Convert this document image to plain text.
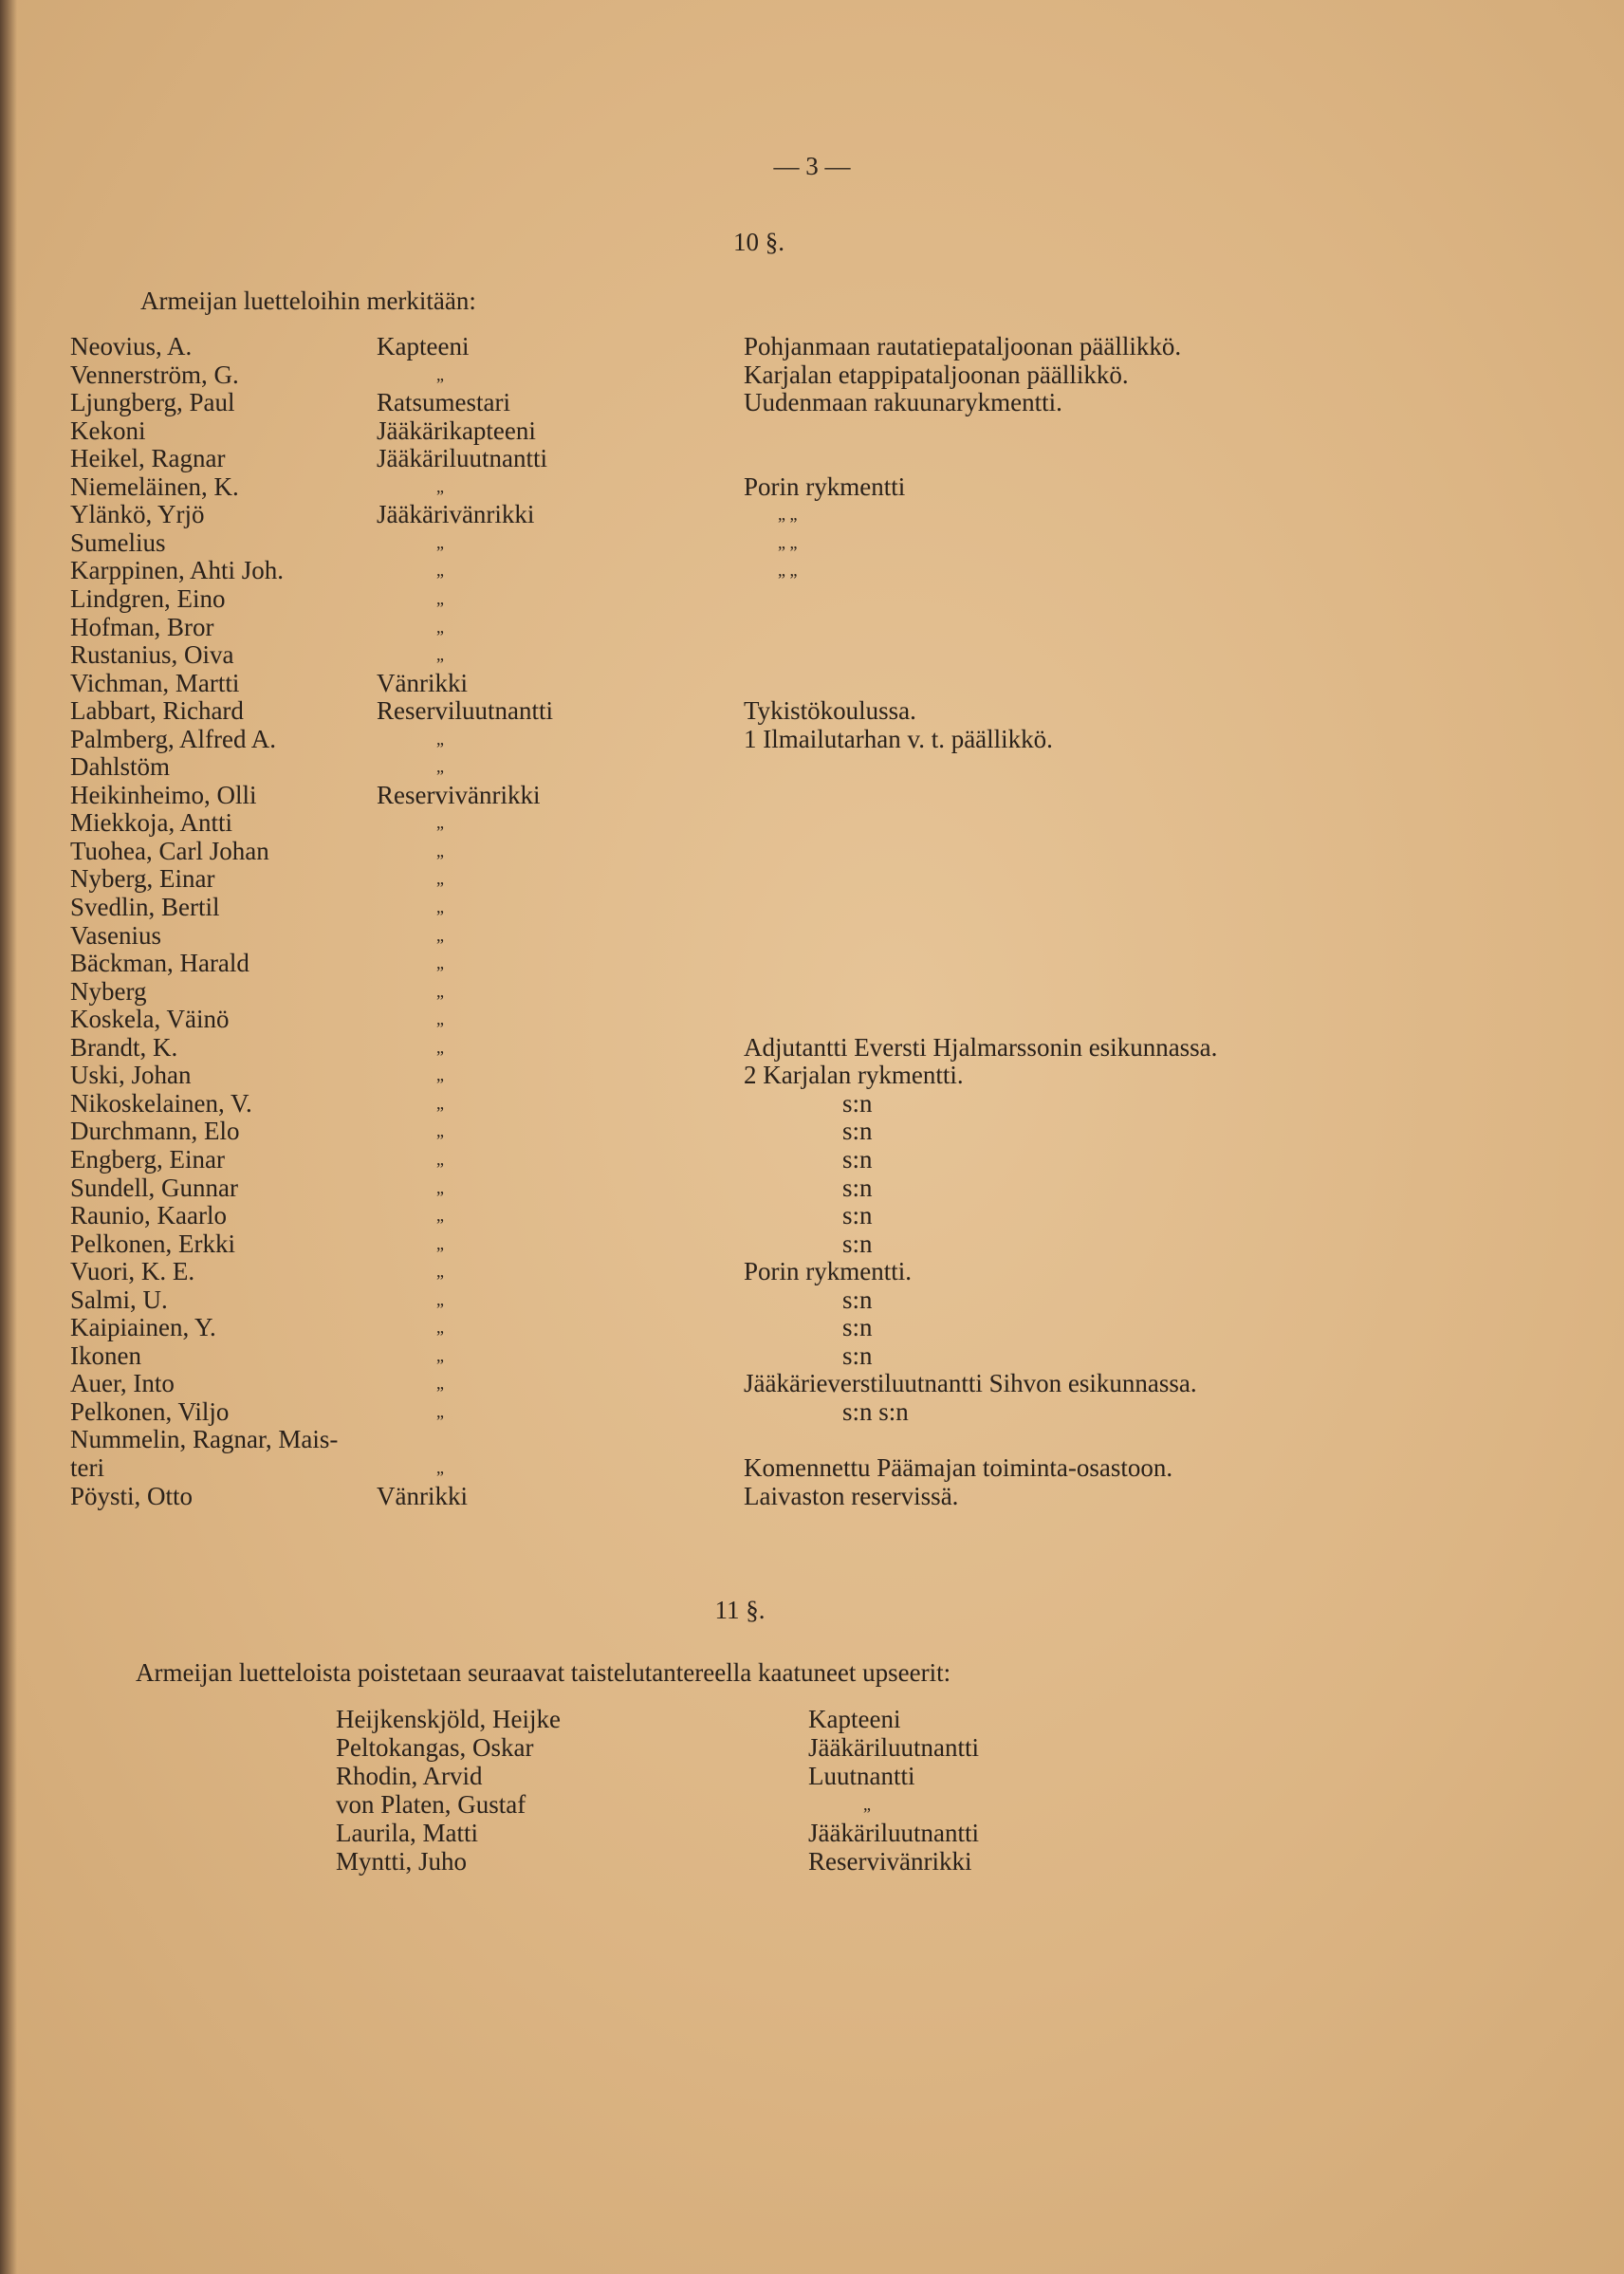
— 3 —
10 §.
Armeijan luetteloihin merkitään:
Neovius, A.	Kapteeni	Pohjanmaan rautatiepataljoonan päällikkö.
Vennerström, G.	„	Karjalan etappipataljoonan päällikkö.
Ljungberg, Paul	Ratsumestari	Uudenmaan rakuunarykmentti.
Kekoni	Jääkärikapteeni
Heikel, Ragnar	Jääkäriluutnantti
Niemeläinen, K.	„	Porin rykmentti
Ylänkö, Yrjö	Jääkärivänrikki	„ „
Sumelius	„	„ „
Karppinen, Ahti Joh.	„	„ „
Lindgren, Eino	„
Hofman, Bror	„
Rustanius, Oiva	„
Vichman, Martti	Vänrikki
Labbart, Richard	Reserviluutnantti	Tykistökoulussa.
Palmberg, Alfred A.	„	1 Ilmailutarhan v. t. päällikkö.
Dahlstöm	„
Heikinheimo, Olli	Reservivänrikki
Miekkoja, Antti	„
Tuohea, Carl Johan	„
Nyberg, Einar	„
Svedlin, Bertil	„
Vasenius	„
Bäckman, Harald	„
Nyberg	„
Koskela, Väinö	„
Brandt, K.	„	Adjutantti Eversti Hjalmarssonin esikunnassa.
Uski, Johan	„	2 Karjalan rykmentti.
Nikoskelainen, V.	„	s:n
Durchmann, Elo	„	s:n
Engberg, Einar	„	s:n
Sundell, Gunnar	„	s:n
Raunio, Kaarlo	„	s:n
Pelkonen, Erkki	„	s:n
Vuori, K. E.	„	Porin rykmentti.
Salmi, U.	„	s:n
Kaipiainen, Y.	„	s:n
Ikonen	„	s:n
Auer, Into	„	Jääkärieverstiluutnantti Sihvon esikunnassa.
Pelkonen, Viljo	„	s:n s:n
Nummelin, Ragnar, Mais-
teri	„	Komennettu Päämajan toiminta-osastoon.
Pöysti, Otto	Vänrikki	Laivaston reservissä.
11 §.
Armeijan luetteloista poistetaan seuraavat taistelutantereella kaatuneet upseerit:
Heijkenskjöld, Heijke	Kapteeni
Peltokangas, Oskar	Jääkäriluutnantti
Rhodin, Arvid	Luutnantti
von Platen, Gustaf	„
Laurila, Matti	Jääkäriluutnantti
Myntti, Juho	Reservivänrikki
